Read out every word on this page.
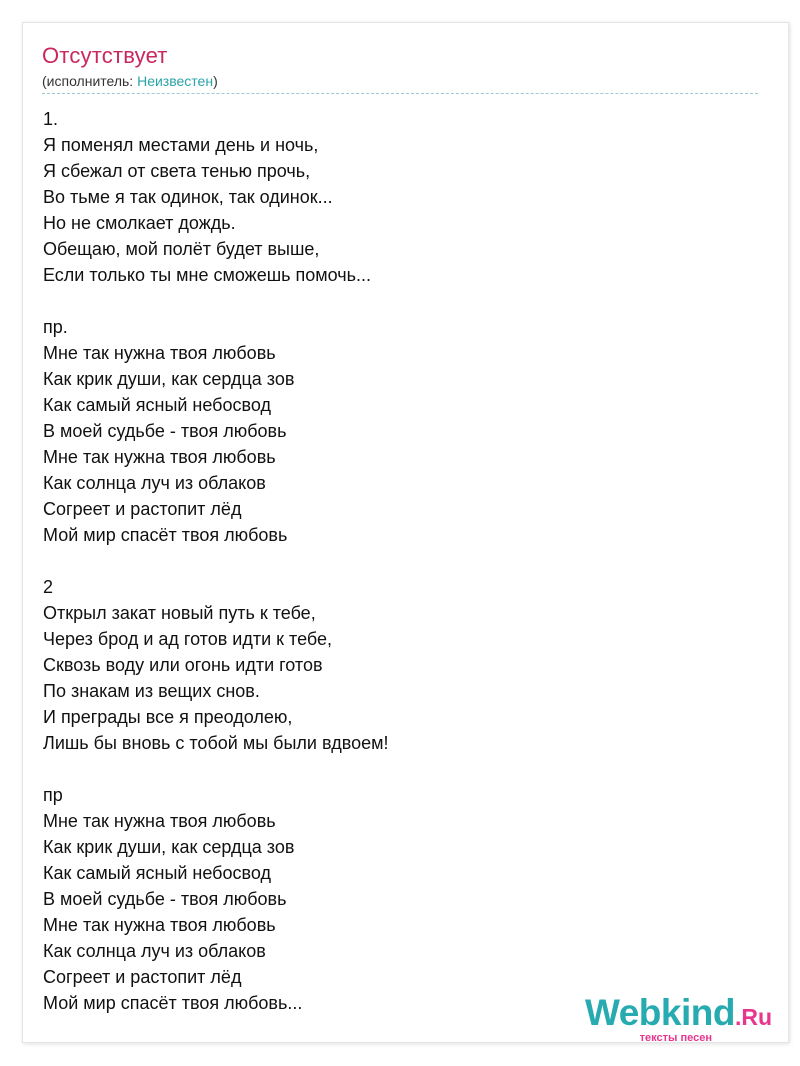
Отсутствует
(исполнитель: Неизвестен)
1.
Я поменял местами день и ночь,
Я сбежал от света тенью прочь,
Во тьме я так одинок, так одинок...
Но не смолкает дождь.
Обещаю, мой полёт будет выше,
Если только ты мне сможешь помочь...
пр.
Мне так нужна твоя любовь
Как крик души, как сердца зов
Как самый ясный небосвод
В моей судьбе - твоя любовь
Мне так нужна твоя любовь
Как солнца луч из облаков
Согреет и растопит лёд
Мой мир спасёт твоя любовь
2
Открыл закат новый путь к тебе,
Через брод и ад готов идти к тебе,
Сквозь воду или огонь идти готов
По знакам из вещих снов.
И преграды все я преодолею,
Лишь бы вновь с тобой мы были вдвоем!
пр
Мне так нужна твоя любовь
Как крик души, как сердца зов
Как самый ясный небосвод
В моей судьбе - твоя любовь
Мне так нужна твоя любовь
Как солнца луч из облаков
Согреет и растопит лёд
Мой мир спасёт твоя любовь...	Webkind.Ru
тексты песен
